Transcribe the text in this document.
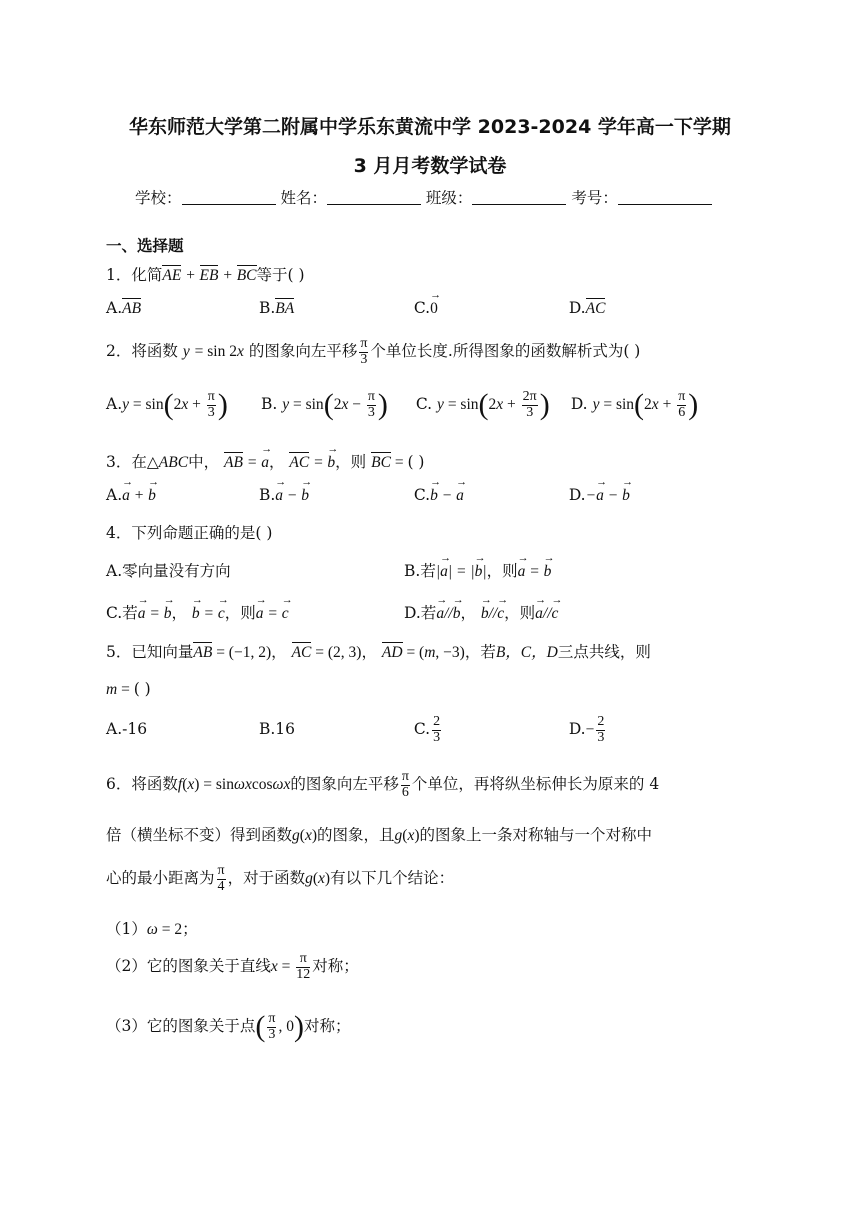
华东师范大学第二附属中学乐东黄流中学 2023-2024 学年高一下学期
3 月月考数学试卷
学校：	姓名：	班级：	考号：
一、选择题
1．化简AE + EB + BC等于( )
A.AB	B.BA	C.→ 0	D.AC
2．将函数 y = sin 2x 的图象向左平移 $\frac{\pi}{3}$ 个单位长度.所得图象的函数解析式为( )
$A.y = \sin(2x + \frac{\pi}{3}$ ) B. $y = \sin(2x - \frac{\pi}{3}$ ) C. $y = \sin(2x + \frac{2\pi}{3}$ ) D. $y = \sin(2x + \frac{\pi}{6}$ )
3．在△ABC中， AB = → a， AC = → b，则 BC = ( )
A.→ a + → b	B.→ a − → b	C.→ b − → a	D.−→ a − → b
4．下列命题正确的是( )
A.零向量没有方向	B.若|→ a| = |→ b|，则→ a = → b
C.若→ a = → b， → b = → c，则→ a = → c	D.若→ a//→ b， → b//→ c，则→ a//→ c
5．已知向量AB = (−1, 2)， AC = (2, 3)， AD = (m, −3)，若B，C，D三点共线，则
m = ( )
A.-16	B.16	C. $\frac{2}{3}$	$D.- \frac{2}{3}$
6．将函数f(x) = sinωxcosωx的图象向左平移 $\frac{\pi}{6}$ 个单位，再将纵坐标伸长为原来的 4
倍（横坐标不变）得到函数g(x)的图象，且g(x)的图象上一条对称轴与一个对称中
心的最小距离为 $\frac{\pi}{4}$ ，对于函数g(x)有以下几个结论：
（1）ω = 2；
（2）它的图象关于直线$x = \frac{\pi}{12}$ 对称；
（3）它的图象关于点( $\frac{\pi}{3}$ , 0)对称；
